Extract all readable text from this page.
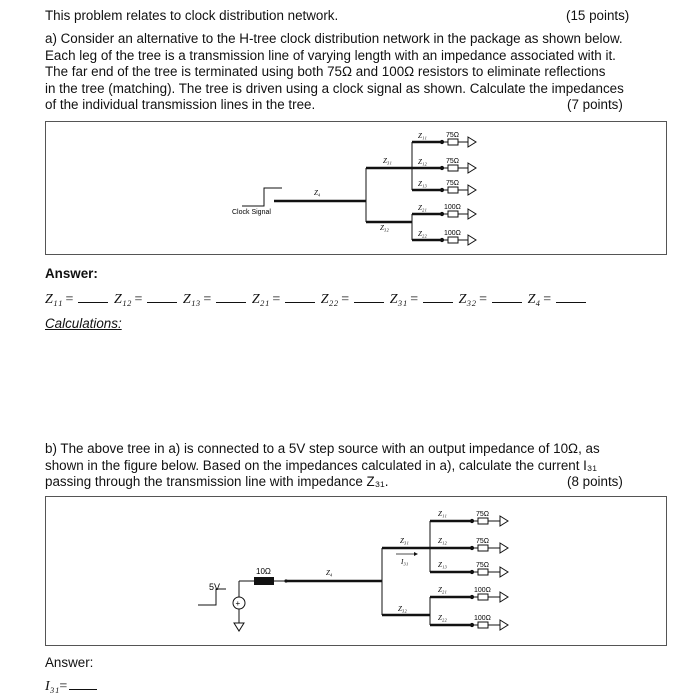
This problem relates to clock distribution network.	(15 points)
a) Consider an alternative to the H-tree clock distribution network in the package as shown below.
Each leg of the tree is a transmission line of varying length with an impedance associated with it.
The far end of the tree is terminated using both 75Ω and 100Ω resistors to eliminate reflections
in the tree (matching). The tree is driven using a clock signal as shown. Calculate the impedances
of the individual transmission lines in the tree.	(7 points)
Clock Signal
Z₄
Z₃₁
Z₃₂
Z₁₁
Z₁₂
Z₁₃
Z₂₁
Z₂₂
75Ω
75Ω
75Ω
100Ω
100Ω
Answer:
Z₁₁ =	Z₁₂ =	Z₁₃ =	Z₂₁ =	Z₂₂ =	Z₃₁ =	Z₃₂ =	Z₄ =
Calculations:
b) The above tree in a) is connected to a 5V step source with an output impedance of 10Ω, as
shown in the figure below. Based on the impedances calculated in a), calculate the current I₃₁
passing through the transmission line with impedance Z₃₁.	(8 points)
5V
+
10Ω	Z₄
Z₃₁
I₃₁
Z₃₂
Z₁₁
Z₁₂
Z₁₃
Z₂₁
Z₂₂
75Ω
75Ω
75Ω
100Ω
100Ω
Answer:
I₃₁=
